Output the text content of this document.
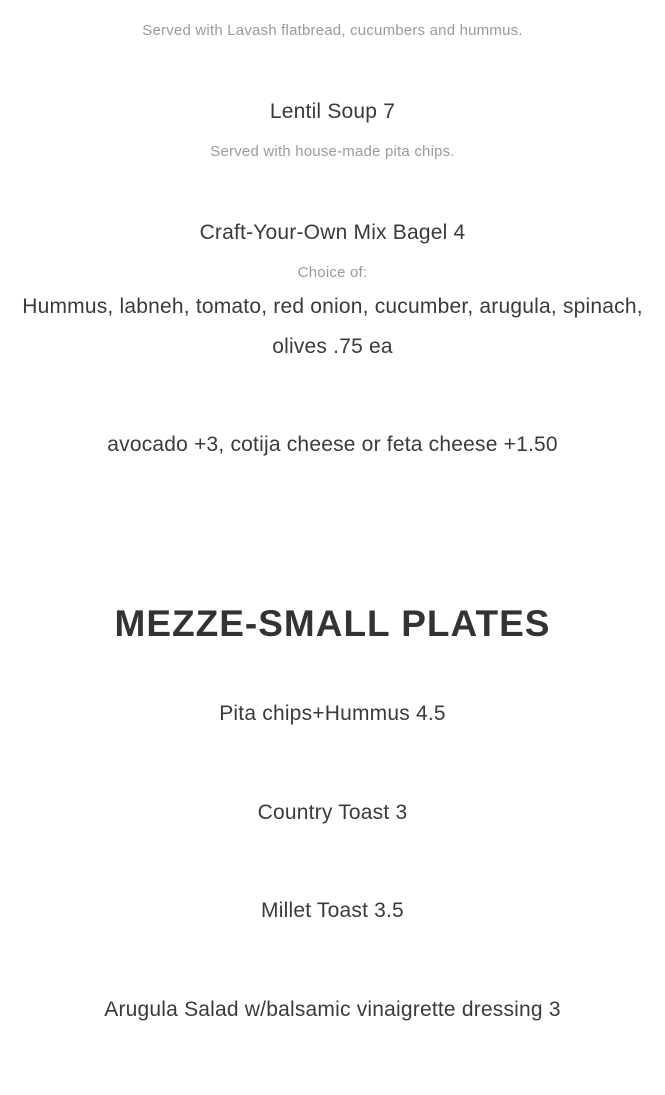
Served with Lavash flatbread, cucumbers and hummus.
Lentil Soup 7
Served with house-made pita chips.
Craft-Your-Own Mix Bagel 4
Choice of:
Hummus, labneh, tomato, red onion, cucumber, arugula, spinach, olives .75 ea
avocado +3, cotija cheese or feta cheese +1.50
MEZZE-SMALL PLATES
Pita chips+Hummus 4.5
Country Toast 3
Millet Toast 3.5
Arugula Salad w/balsamic vinaigrette dressing 3
